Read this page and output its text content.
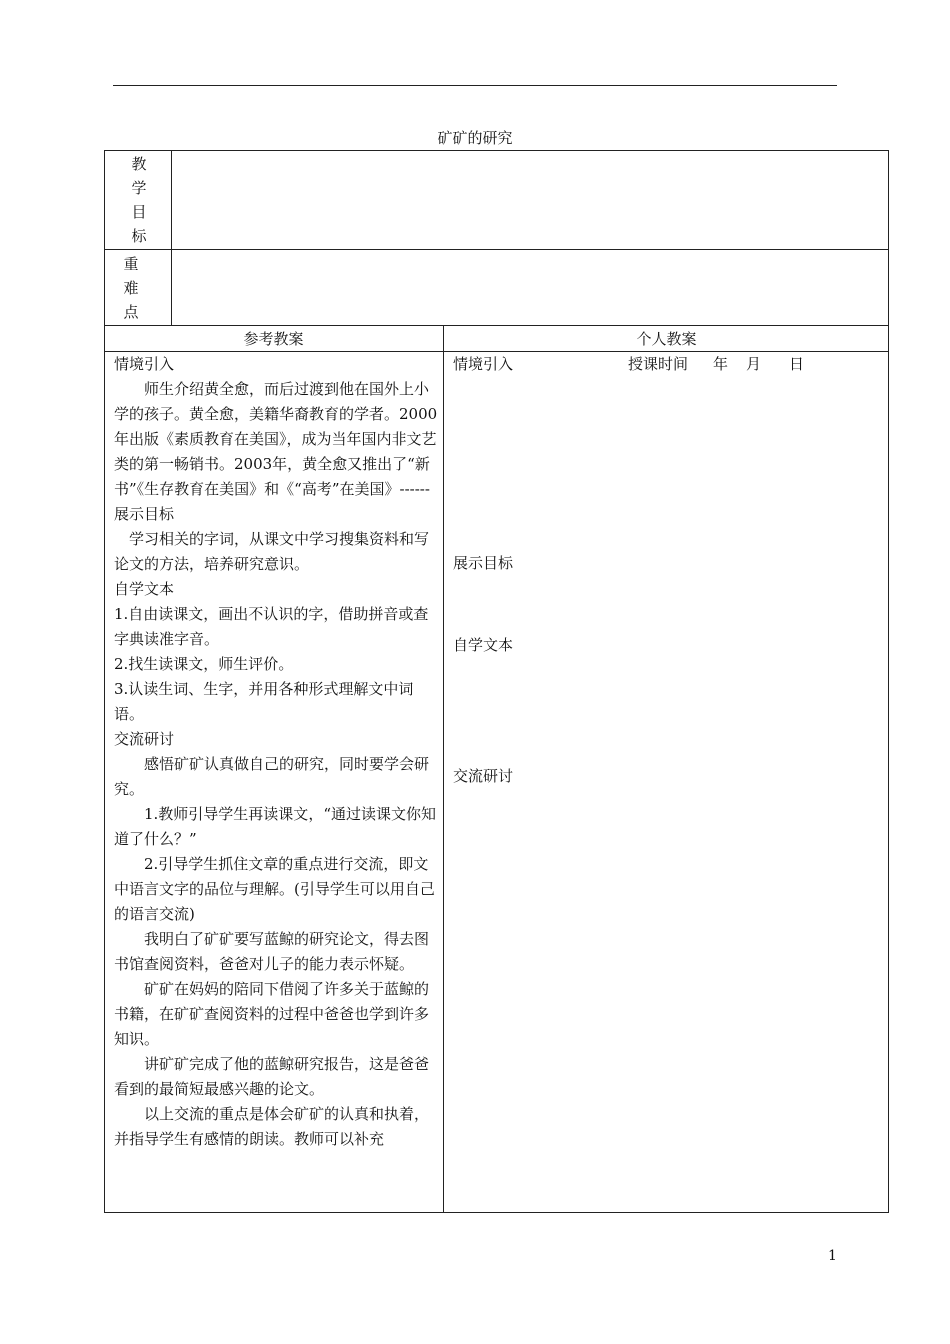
矿矿的研究
教
学
目
标
重
难
点
参考教案	个人教案

情境引入

师生介绍黄全愈，而后过渡到他在国外上小学的孩子。黄全愈，美籍华裔教育的学者。2000年出版《素质教育在美国》，成为当年国内非文艺类的第一畅销书。2003年，黄全愈又推出了“新书”《生存教育在美国》和《“高考”在美国》------

展示目标

学习相关的字词，从课文中学习搜集资料和写论文的方法，培养研究意识。

自学文本

1.自由读课文，画出不认识的字，借助拼音或查字典读准字音。

2.找生读课文，师生评价。

3.认读生词、生字，并用各种形式理解文中词语。

交流研讨

感悟矿矿认真做自己的研究，同时要学会研究。

1.教师引导学生再读课文，“通过读课文你知道了什么？”

2.引导学生抓住文章的重点进行交流，即文中语言文字的品位与理解。(引导学生可以用自己的语言交流)

我明白了矿矿要写蓝鲸的研究论文，得去图书馆查阅资料，爸爸对儿子的能力表示怀疑。

矿矿在妈妈的陪同下借阅了许多关于蓝鲸的书籍，在矿矿查阅资料的过程中爸爸也学到许多知识。

讲矿矿完成了他的蓝鲸研究报告，这是爸爸看到的最简短最感兴趣的论文。

以上交流的重点是体会矿矿的认真和执着，并指导学生有感情的朗读。教师可以补充

情境引入	授课时间 年 月 日
展示目标
自学文本
交流研讨
1
